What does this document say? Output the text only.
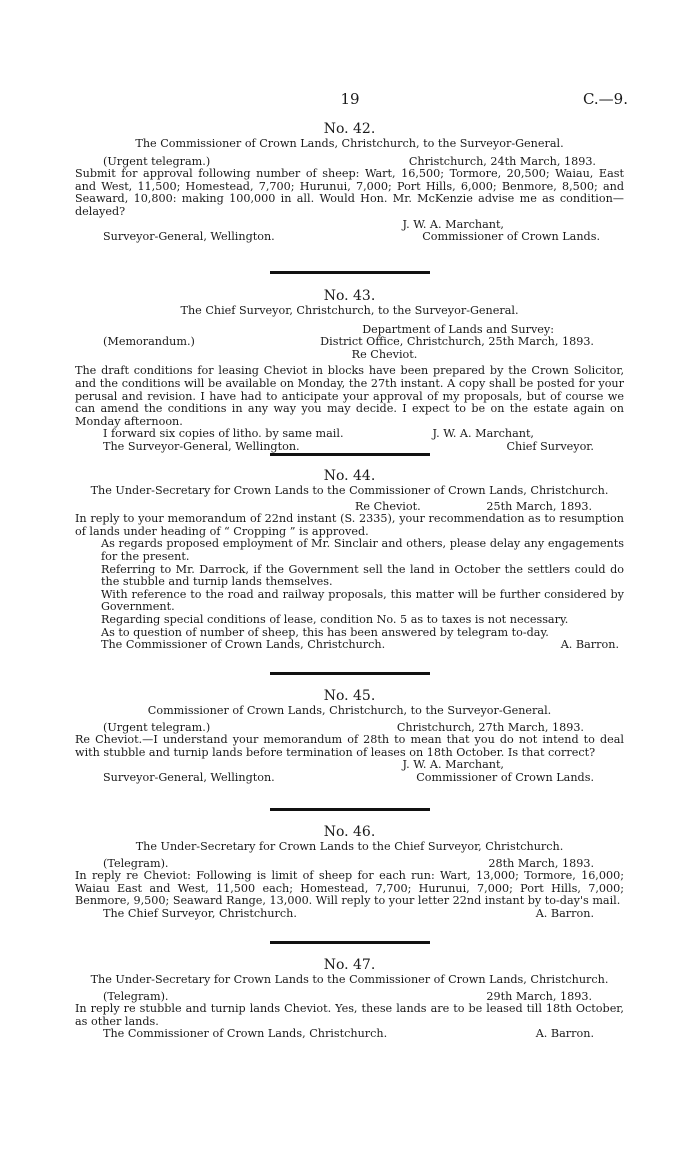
19	C.—9.

No. 42.

The Commissioner of Crown Lands, Christchurch, to the Surveyor-General.

(Urgent telegram.)	Christchurch, 24th March, 1893.

Submit for approval following number of sheep: Wart, 16,500; Tormore, 20,500; Waiau, East and West, 11,500; Homestead, 7,700; Hurunui, 7,000; Port Hills, 6,000; Benmore, 8,500; and Seaward, 10,800: making 100,000 in all. Would Hon. Mr. McKenzie advise me as condition—delayed?

J. W. A. Marchant,

Surveyor-General, Wellington.	Commissioner of Crown Lands.

No. 43.

The Chief Surveyor, Christchurch, to the Surveyor-General.

Department of Lands and Survey:

(Memorandum.)	District Office, Christchurch, 25th March, 1893.

Re Cheviot.

The draft conditions for leasing Cheviot in blocks have been prepared by the Crown Solicitor, and the conditions will be available on Monday, the 27th instant. A copy shall be posted for your perusal and revision. I have had to anticipate your approval of my proposals, but of course we can amend the conditions in any way you may decide. I expect to be on the estate again on Monday afternoon.

I forward six copies of litho. by same mail.	J. W. A. Marchant,
The Surveyor-General, Wellington.	Chief Surveyor.

No. 44.

The Under-Secretary for Crown Lands to the Commissioner of Crown Lands, Christchurch.

Re Cheviot.	25th March, 1893.

In reply to your memorandum of 22nd instant (S. 2335), your recommendation as to resumption of lands under heading of “ Cropping ” is approved.

As regards proposed employment of Mr. Sinclair and others, please delay any engagements for the present.

Referring to Mr. Darrock, if the Government sell the land in October the settlers could do the stubble and turnip lands themselves.

With reference to the road and railway proposals, this matter will be further considered by Government.

Regarding special conditions of lease, condition No. 5 as to taxes is not necessary.

As to question of number of sheep, this has been answered by telegram to-day.

The Commissioner of Crown Lands, Christchurch.	A. Barron.

No. 45.

Commissioner of Crown Lands, Christchurch, to the Surveyor-General.

(Urgent telegram.)	Christchurch, 27th March, 1893.

Re Cheviot.—I understand your memorandum of 28th to mean that you do not intend to deal with stubble and turnip lands before termination of leases on 18th October. Is that correct?

J. W. A. Marchant,

Surveyor-General, Wellington.	Commissioner of Crown Lands.

No. 46.

The Under-Secretary for Crown Lands to the Chief Surveyor, Christchurch.

(Telegram).	28th March, 1893.

In reply re Cheviot: Following is limit of sheep for each run: Wart, 13,000; Tormore, 16,000; Waiau East and West, 11,500 each; Homestead, 7,700; Hurunui, 7,000; Port Hills, 7,000; Benmore, 9,500; Seaward Range, 13,000. Will reply to your letter 22nd instant by to-day's mail.

The Chief Surveyor, Christchurch.	A. Barron.

No. 47.

The Under-Secretary for Crown Lands to the Commissioner of Crown Lands, Christchurch.

(Telegram).	29th March, 1893.

In reply re stubble and turnip lands Cheviot. Yes, these lands are to be leased till 18th October, as other lands.

The Commissioner of Crown Lands, Christchurch.	A. Barron.
